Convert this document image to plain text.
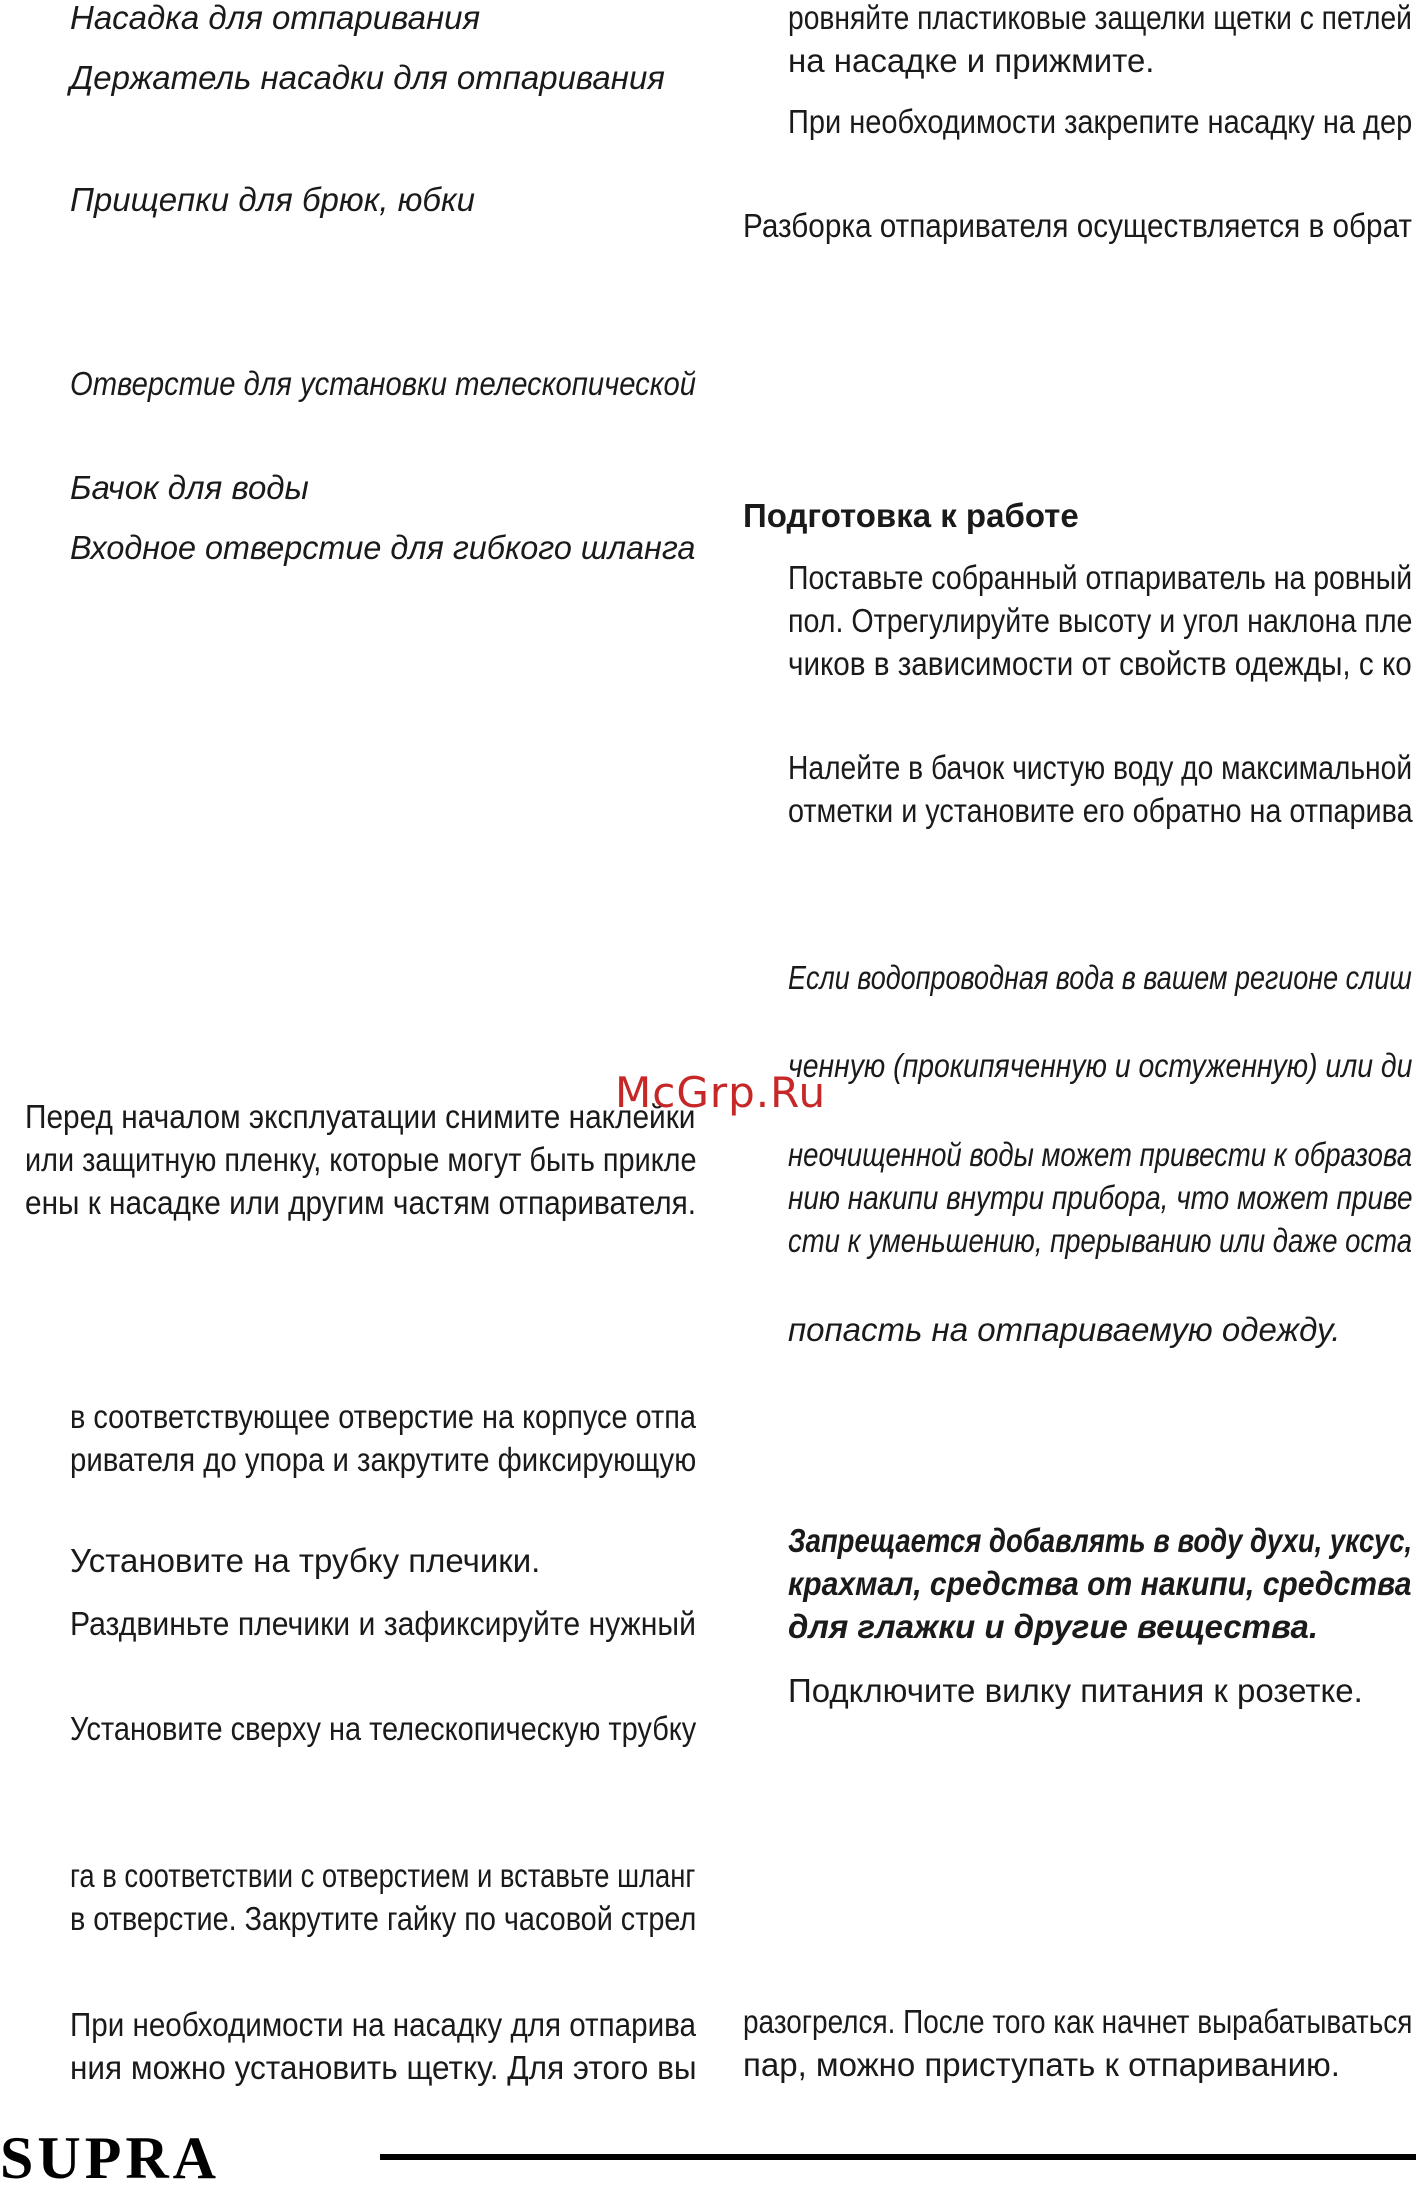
Насадка для отпаривания
Держатель насадки для отпаривания
Прищепки для брюк, юбки
Отверстие для установки телескопической
Бачок для воды
Входное отверстие для гибкого шланга
Перед началом эксплуатации снимите наклейки
или защитную пленку, которые могут быть прикле
ены к насадке или другим частям отпаривателя.
в соответствующее отверстие на корпусе отпа
ривателя до упора и закрутите фиксирующую
Установите на трубку плечики.
Раздвиньте плечики и зафиксируйте нужный
Установите сверху на телескопическую трубку
га в соответствии с отверстием и вставьте шланг
в отверстие. Закрутите гайку по часовой стрел
При необходимости на насадку для отпарива
ния можно установить щетку. Для этого вы
ровняйте пластиковые защелки щетки с петлей
на насадке и прижмите.
При необходимости закрепите насадку на дер
Разборка отпаривателя осуществляется в обрат
Подготовка к работе
Поставьте собранный отпариватель на ровный
пол. Отрегулируйте высоту и угол наклона пле
чиков в зависимости от свойств одежды, с ко
Налейте в бачок чистую воду до максимальной
отметки и установите его обратно на отпарива
Если водопроводная вода в вашем регионе слиш
ченную (прокипяченную и остуженную) или ди
неочищенной воды может привести к образова
нию накипи внутри прибора, что может приве
сти к уменьшению, прерыванию или даже оста
попасть на отпариваемую одежду.
Запрещается добавлять в воду духи, уксус,
крахмал, средства от накипи, средства
для глажки и другие вещества.
Подключите вилку питания к розетке.
разогрелся. После того как начнет вырабатываться
пар, можно приступать к отпариванию.
McGrp.Ru
SUPRA
